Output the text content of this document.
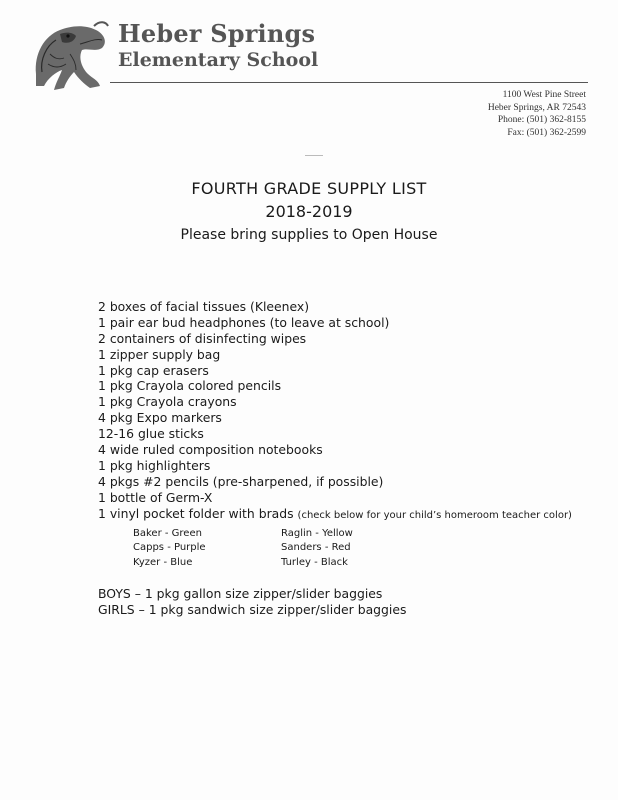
Heber Springs
Elementary School
1100 West Pine Street
Heber Springs, AR 72543
Phone: (501) 362-8155
Fax: (501) 362-2599
FOURTH GRADE SUPPLY LIST
2018-2019
Please bring supplies to Open House
2 boxes of facial tissues (Kleenex)
1 pair ear bud headphones (to leave at school)
2 containers of disinfecting wipes
1 zipper supply bag
1 pkg cap erasers
1 pkg Crayola colored pencils
1 pkg Crayola crayons
4 pkg Expo markers
12-16 glue sticks
4 wide ruled composition notebooks
1 pkg highlighters
4 pkgs #2 pencils (pre-sharpened, if possible)
1 bottle of Germ-X
1 vinyl pocket folder with brads (check below for your child’s homeroom teacher color)
Baker - Green	Raglin - Yellow
Capps - Purple	Sanders - Red
Kyzer - Blue	Turley - Black
BOYS – 1 pkg gallon size zipper/slider baggies
GIRLS – 1 pkg sandwich size zipper/slider baggies
